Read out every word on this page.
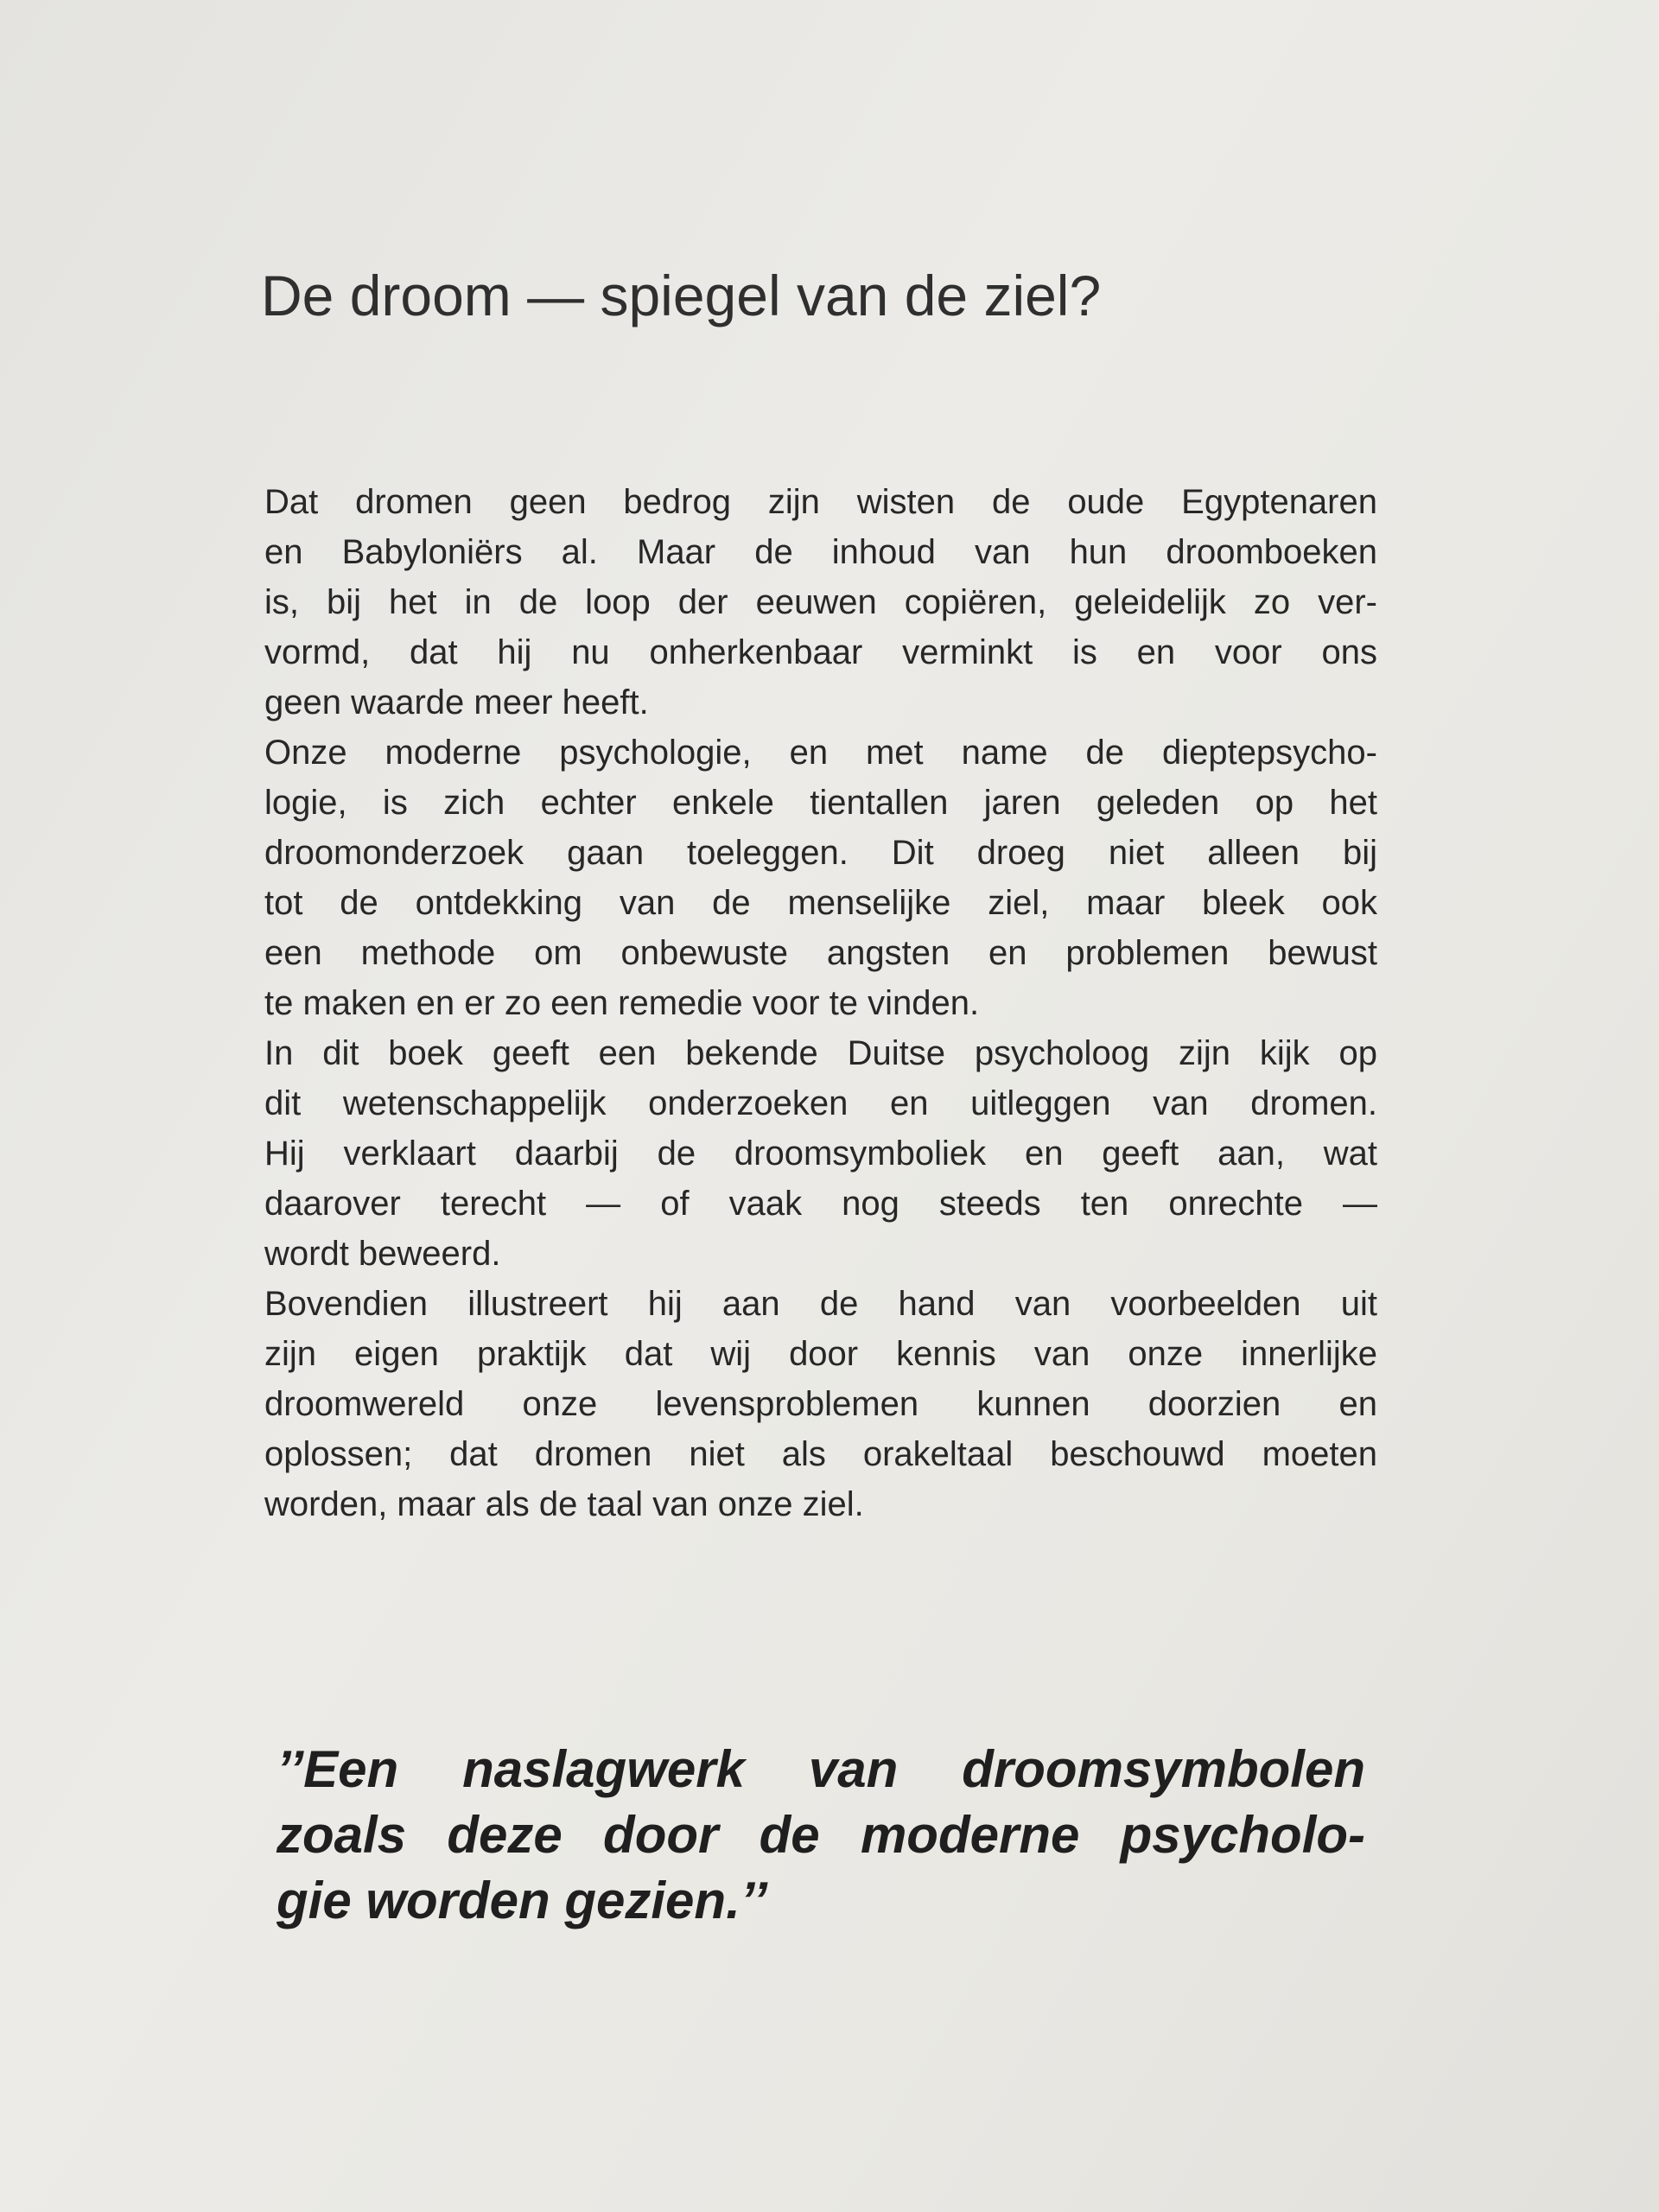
De droom — spiegel van de ziel?

Dat dromen geen bedrog zijn wisten de oude Egyptenaren
en Babyloniërs al. Maar de inhoud van hun droomboeken
is, bij het in de loop der eeuwen copiëren, geleidelijk zo ver-
vormd, dat hij nu onherkenbaar verminkt is en voor ons
geen waarde meer heeft.

Onze moderne psychologie, en met name de dieptepsycho-
logie, is zich echter enkele tientallen jaren geleden op het
droomonderzoek gaan toeleggen. Dit droeg niet alleen bij
tot de ontdekking van de menselijke ziel, maar bleek ook
een methode om onbewuste angsten en problemen bewust
te maken en er zo een remedie voor te vinden.

In dit boek geeft een bekende Duitse psycholoog zijn kijk op
dit wetenschappelijk onderzoeken en uitleggen van dromen.
Hij verklaart daarbij de droomsymboliek en geeft aan, wat
daarover terecht — of vaak nog steeds ten onrechte —
wordt beweerd.

Bovendien illustreert hij aan de hand van voorbeelden uit
zijn eigen praktijk dat wij door kennis van onze innerlijke
droomwereld onze levensproblemen kunnen doorzien en
oplossen; dat dromen niet als orakeltaal beschouwd moeten
worden, maar als de taal van onze ziel.

’’Een naslagwerk van droomsymbolen
zoals deze door de moderne psycholo-
gie worden gezien.’’
